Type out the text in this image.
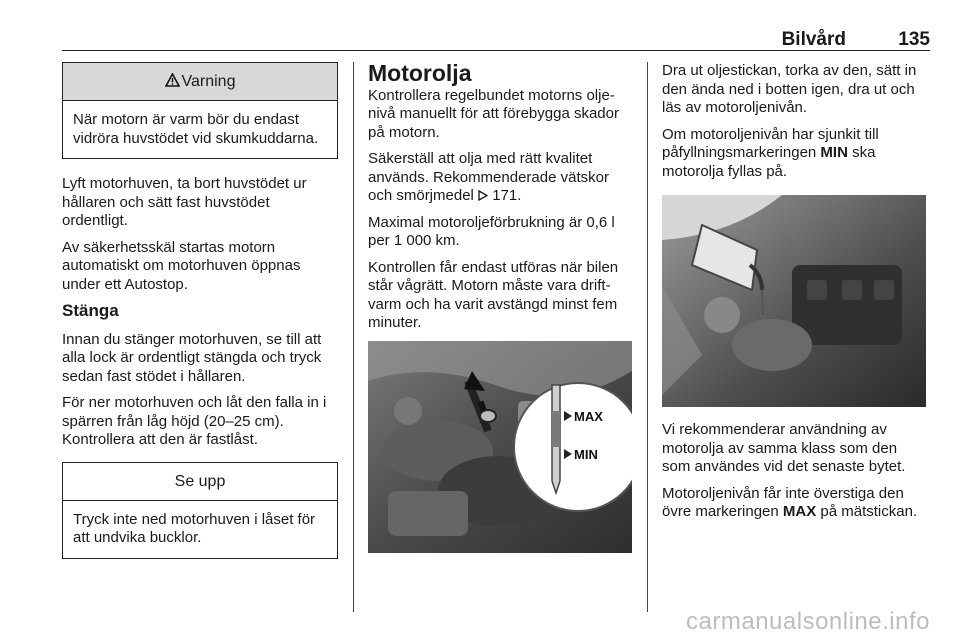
Bilvård	135
Varning
När motorn är varm bör du endast vidröra huvstödet vid skumkuddarna.

Lyft motorhuven, ta bort huvstödet ur hållaren och sätt fast huvstödet ordentligt.

Av säkerhetsskäl startas motorn automatiskt om motorhuven öppnas under ett Autostop.

Stänga

Innan du stänger motorhuven, se till att alla lock är ordentligt stängda och tryck sedan fast stödet i hållaren.

För ner motorhuven och låt den falla in i spärren från låg höjd (20–25 cm). Kontrollera att den är fastlåst.

Se upp
Tryck inte ned motorhuven i låset för att undvika bucklor.
Motorolja

Kontrollera regelbundet motorns oljenivå manuellt för att förebygga skador på motorn.

Säkerställ att olja med rätt kvalitet används. Rekommenderade vätskor och smörjmedel  171.

Maximal motoroljeförbrukning är 0,6 l per 1 000 km.

Kontrollen får endast utföras när bilen står vågrätt. Motorn måste vara driftvarm och ha varit avstängd minst fem minuter.

MAX
MIN

Dra ut oljestickan, torka av den, sätt in den ända ned i botten igen, dra ut och läs av motoroljenivån.

Om motoroljenivån har sjunkit till påfyllningsmarkeringen MIN ska motorolja fyllas på.

Vi rekommenderar användning av motorolja av samma klass som den som användes vid det senaste bytet.

Motoroljenivån får inte överstiga den övre markeringen MAX på mätstickan.

carmanualsonline.info
